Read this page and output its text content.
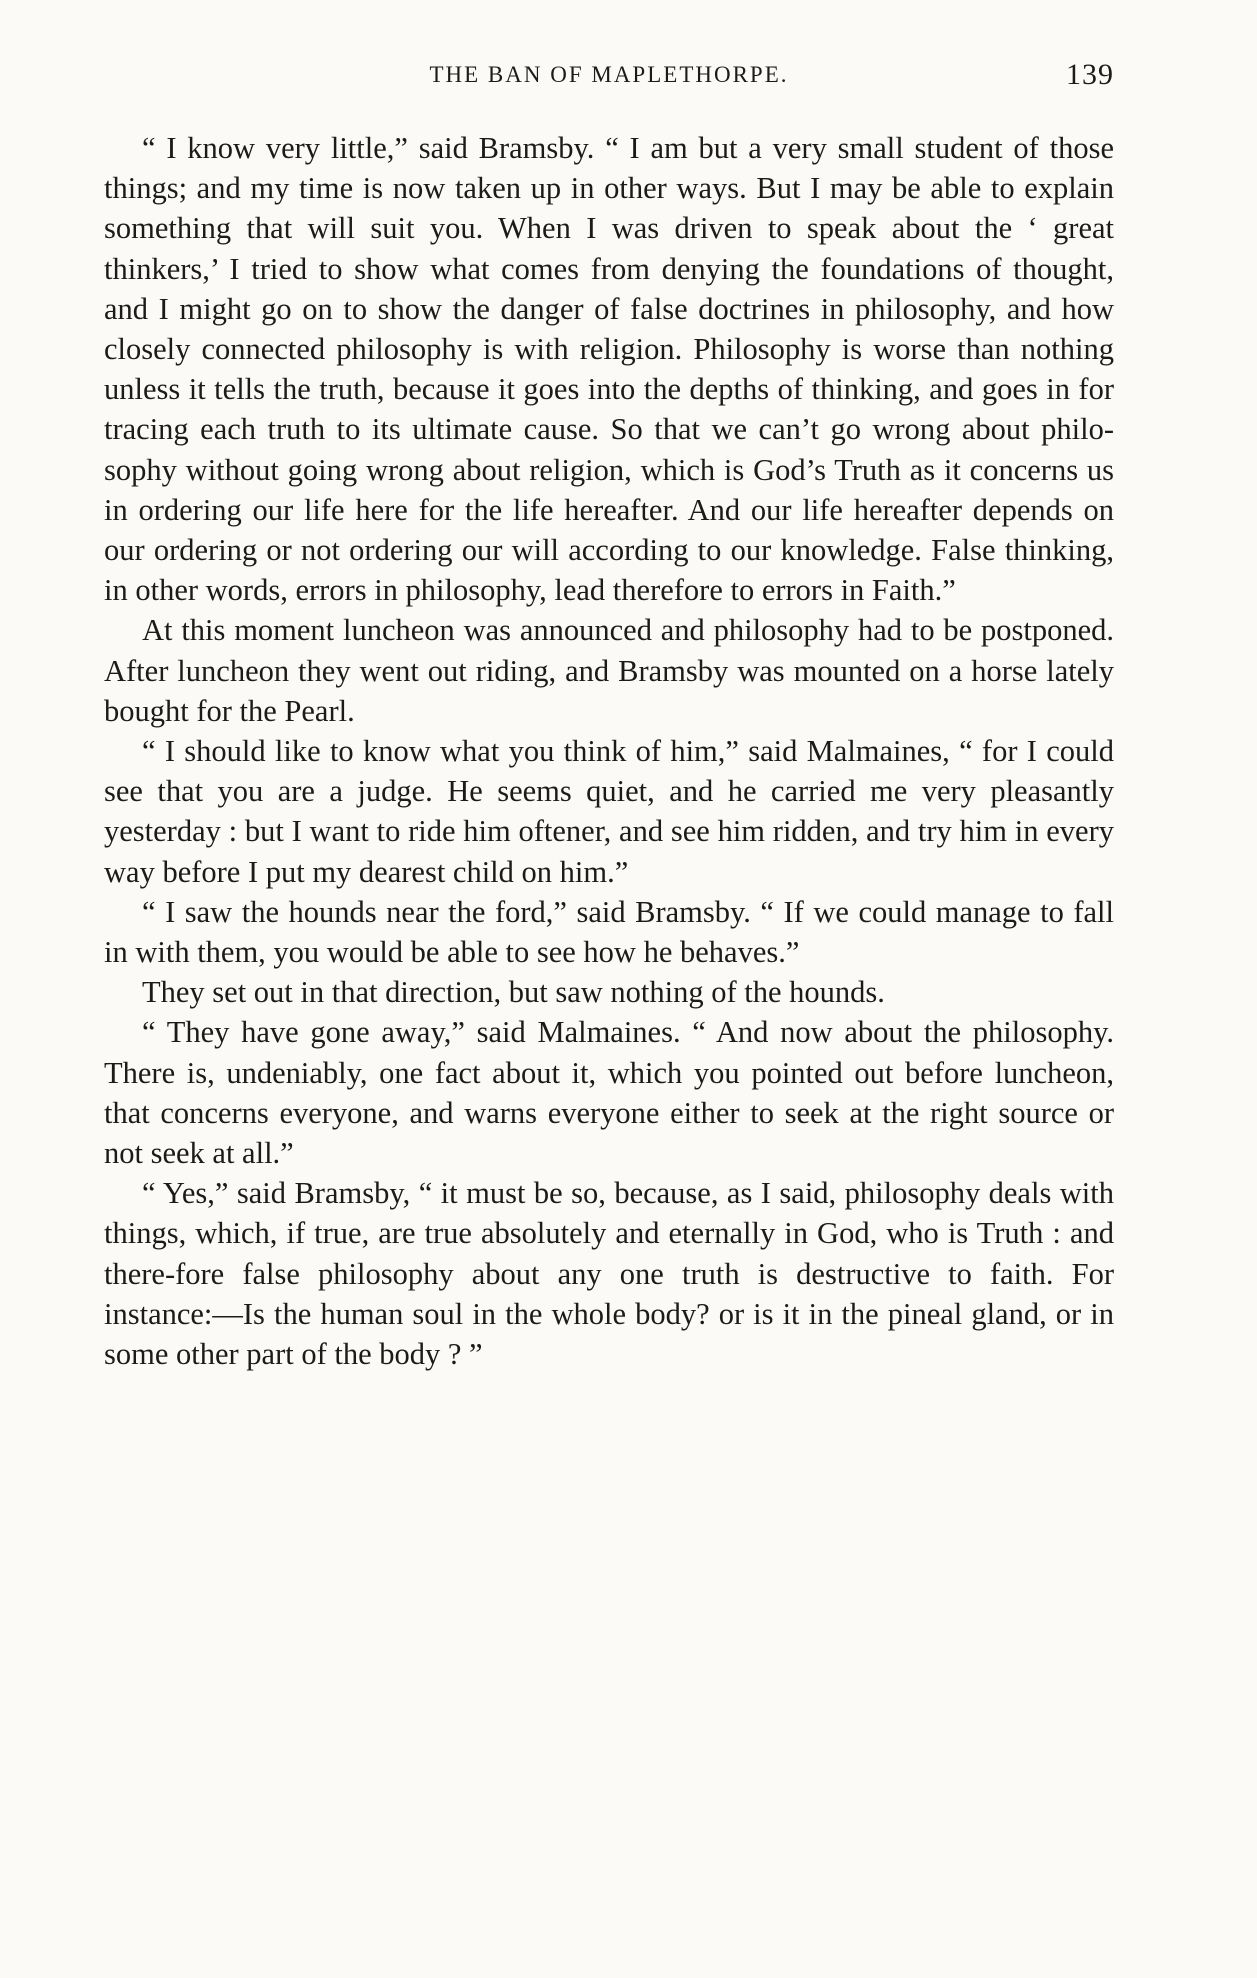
THE BAN OF MAPLETHORPE.	139

“ I know very little,” said Bramsby. “ I am but a very small student of those things; and my time is now taken up in other ways. But I may be able to explain something that will suit you. When I was driven to speak about the ‘ great thinkers,’ I tried to show what comes from denying the foundations of thought, and I might go on to show the danger of false doctrines in philosophy, and how closely connected philosophy is with religion. Philosophy is worse than nothing unless it tells the truth, because it goes into the depths of thinking, and goes in for tracing each truth to its ultimate cause. So that we can’t go wrong about philo-sophy without going wrong about religion, which is God’s Truth as it concerns us in ordering our life here for the life hereafter. And our life hereafter depends on our ordering or not ordering our will according to our knowledge. False thinking, in other words, errors in philosophy, lead therefore to errors in Faith.”

At this moment luncheon was announced and philosophy had to be postponed. After luncheon they went out riding, and Bramsby was mounted on a horse lately bought for the Pearl.

“ I should like to know what you think of him,” said Malmaines, “ for I could see that you are a judge. He seems quiet, and he carried me very pleasantly yesterday : but I want to ride him oftener, and see him ridden, and try him in every way before I put my dearest child on him.”

“ I saw the hounds near the ford,” said Bramsby. “ If we could manage to fall in with them, you would be able to see how he behaves.”

They set out in that direction, but saw nothing of the hounds.

“ They have gone away,” said Malmaines. “ And now about the philosophy. There is, undeniably, one fact about it, which you pointed out before luncheon, that concerns everyone, and warns everyone either to seek at the right source or not seek at all.”

“ Yes,” said Bramsby, “ it must be so, because, as I said, philosophy deals with things, which, if true, are true absolutely and eternally in God, who is Truth : and there-fore false philosophy about any one truth is destructive to faith. For instance:—Is the human soul in the whole body? or is it in the pineal gland, or in some other part of the body ? ”
